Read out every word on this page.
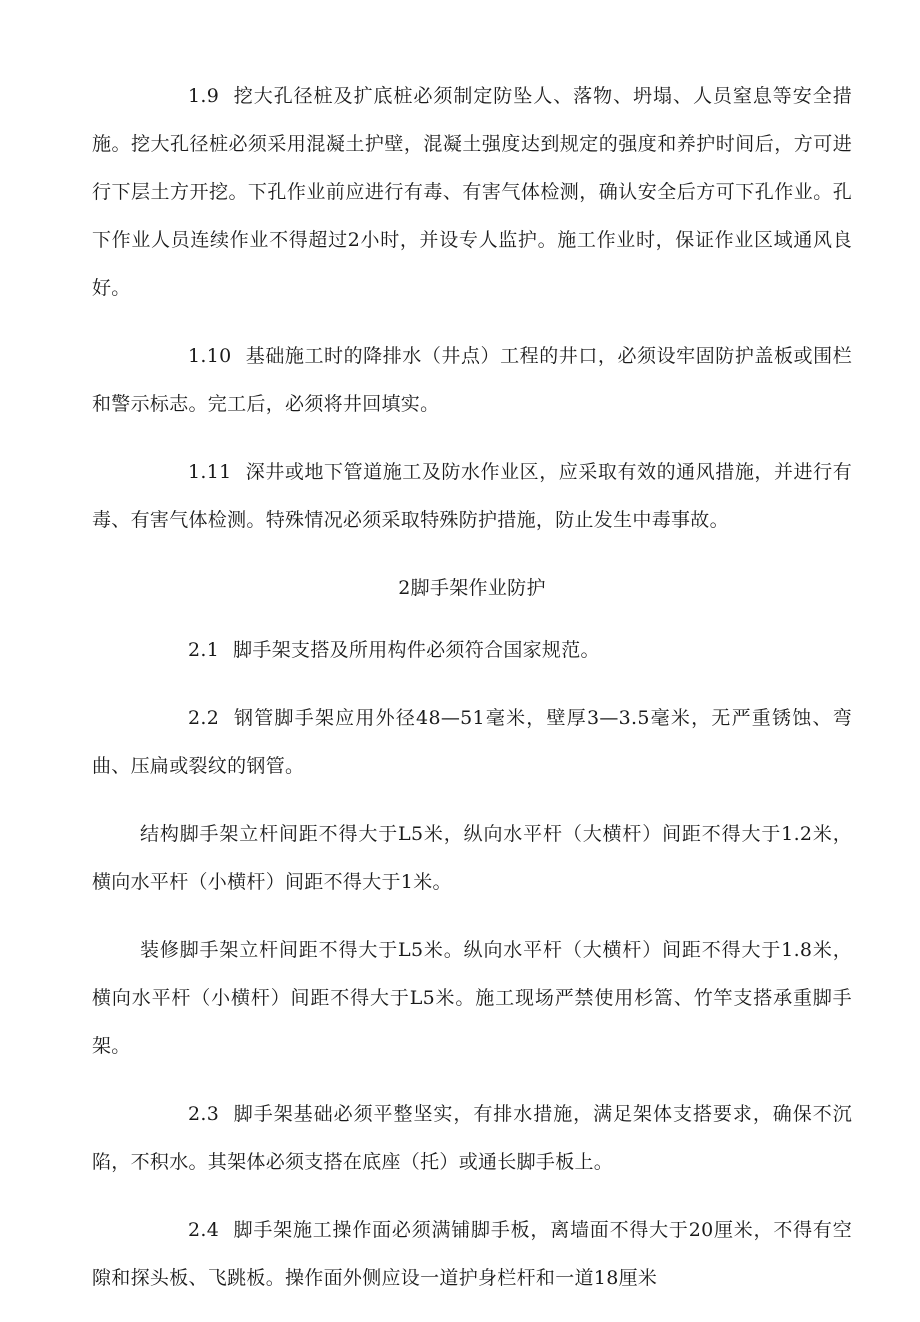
1.9 挖大孔径桩及扩底桩必须制定防坠人、落物、坍塌、人员窒息等安全措施。挖大孔径桩必须采用混凝土护壁，混凝土强度达到规定的强度和养护时间后，方可进行下层土方开挖。下孔作业前应进行有毒、有害气体检测，确认安全后方可下孔作业。孔下作业人员连续作业不得超过2小时，并设专人监护。施工作业时，保证作业区域通风良好。

1.10 基础施工时的降排水（井点）工程的井口，必须设牢固防护盖板或围栏和警示标志。完工后，必须将井回填实。

1.11 深井或地下管道施工及防水作业区，应采取有效的通风措施，并进行有毒、有害气体检测。特殊情况必须采取特殊防护措施，防止发生中毒事故。

2脚手架作业防护

2.1 脚手架支搭及所用构件必须符合国家规范。

2.2 钢管脚手架应用外径48—51毫米，壁厚3—3.5毫米，无严重锈蚀、弯曲、压扁或裂纹的钢管。

结构脚手架立杆间距不得大于L5米，纵向水平杆（大横杆）间距不得大于1.2米，横向水平杆（小横杆）间距不得大于1米。

装修脚手架立杆间距不得大于L5米。纵向水平杆（大横杆）间距不得大于1.8米，横向水平杆（小横杆）间距不得大于L5米。施工现场严禁使用杉篙、竹竿支搭承重脚手架。

2.3 脚手架基础必须平整坚实，有排水措施，满足架体支搭要求，确保不沉陷，不积水。其架体必须支搭在底座（托）或通长脚手板上。

2.4 脚手架施工操作面必须满铺脚手板，离墙面不得大于20厘米，不得有空隙和探头板、飞跳板。操作面外侧应设一道护身栏杆和一道18厘米
